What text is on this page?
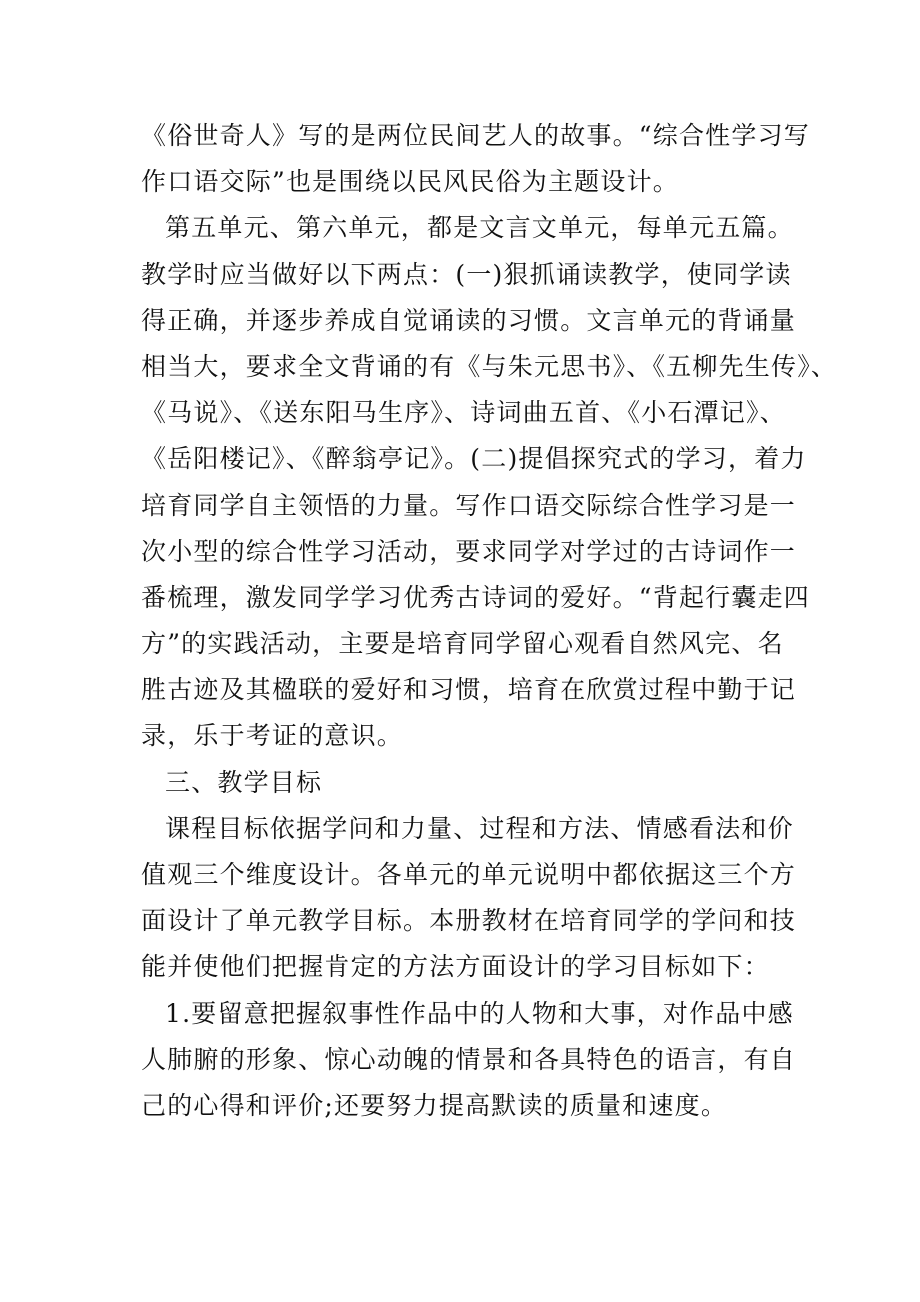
《俗世奇人》写的是两位民间艺人的故事。“综合性学习写
作口语交际”也是围绕以民风民俗为主题设计。
第五单元、第六单元，都是文言文单元，每单元五篇。
教学时应当做好以下两点：(一)狠抓诵读教学，使同学读
得正确，并逐步养成自觉诵读的习惯。文言单元的背诵量
相当大，要求全文背诵的有《与朱元思书》、《五柳先生传》、
《马说》、《送东阳马生序》、诗词曲五首、《小石潭记》、
《岳阳楼记》、《醉翁亭记》。(二)提倡探究式的学习，着力
培育同学自主领悟的力量。写作口语交际综合性学习是一
次小型的综合性学习活动，要求同学对学过的古诗词作一
番梳理，激发同学学习优秀古诗词的爱好。“背起行囊走四
方”的实践活动，主要是培育同学留心观看自然风完、名
胜古迹及其楹联的爱好和习惯，培育在欣赏过程中勤于记
录，乐于考证的意识。
三、教学目标
课程目标依据学问和力量、过程和方法、情感看法和价
值观三个维度设计。各单元的单元说明中都依据这三个方
面设计了单元教学目标。本册教材在培育同学的学问和技
能并使他们把握肯定的方法方面设计的学习目标如下：
1.要留意把握叙事性作品中的人物和大事，对作品中感
人肺腑的形象、惊心动魄的情景和各具特色的语言，有自
己的心得和评价;还要努力提高默读的质量和速度。
